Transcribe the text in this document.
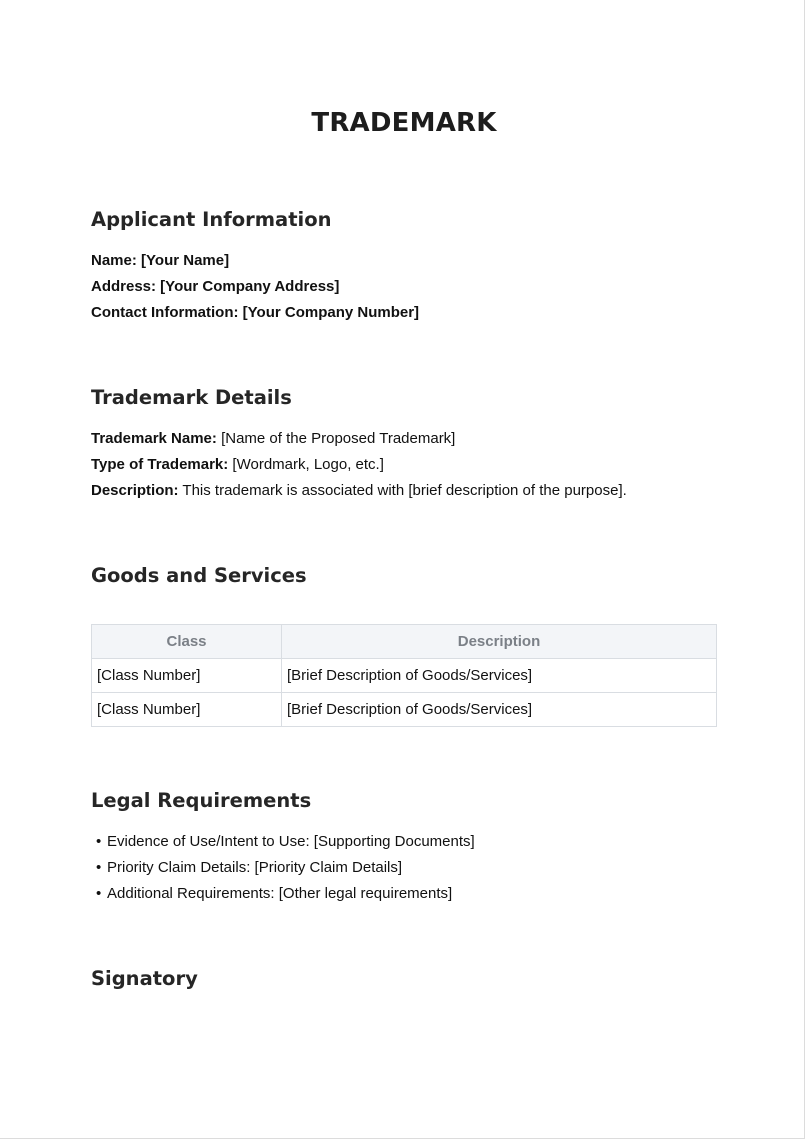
TRADEMARK
Applicant Information

Name: [Your Name]

Address: [Your Company Address]

Contact Information: [Your Company Number]

Trademark Details

Trademark Name: [Name of the Proposed Trademark]

Type of Trademark: [Wordmark, Logo, etc.]

Description: This trademark is associated with [brief description of the purpose].

Goods and Services
Class	Description
[Class Number]	[Brief Description of Goods/Services]
[Class Number]	[Brief Description of Goods/Services]
Legal Requirements

• Evidence of Use/Intent to Use: [Supporting Documents]

• Priority Claim Details: [Priority Claim Details]

• Additional Requirements: [Other legal requirements]

Signatory
